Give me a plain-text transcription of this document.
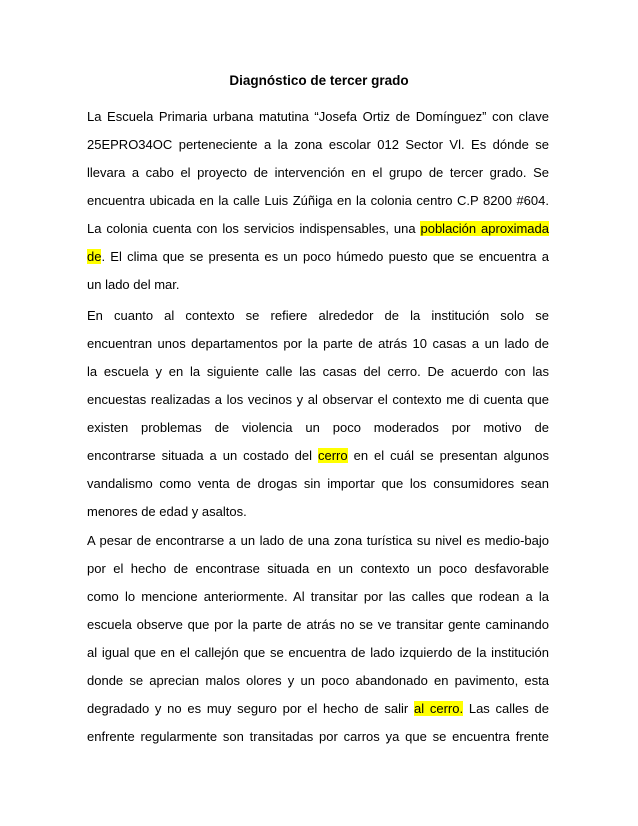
Diagnóstico de tercer grado
La Escuela Primaria urbana matutina “Josefa Ortiz de Domínguez” con clave
25EPRO34OC perteneciente a la zona escolar 012 Sector Vl. Es dónde se
llevara a cabo el proyecto de intervención en el grupo de tercer grado. Se
encuentra ubicada en la calle Luis Zúñiga en la colonia centro C.P 8200 #604.
La colonia cuenta con los servicios indispensables, una población aproximada
de. El clima que se presenta es un poco húmedo puesto que se encuentra a
un lado del mar.
En cuanto al contexto se refiere alrededor de la institución solo se
encuentran unos departamentos por la parte de atrás 10 casas a un lado de
la escuela y en la siguiente calle las casas del cerro. De acuerdo con las
encuestas realizadas a los vecinos y al observar el contexto me di cuenta que
existen problemas de violencia un poco moderados por motivo de
encontrarse situada a un costado del cerro en el cuál se presentan algunos
vandalismo como venta de drogas sin importar que los consumidores sean
menores de edad y asaltos.
A pesar de encontrarse a un lado de una zona turística su nivel es medio-bajo
por el hecho de encontrase situada en un contexto un poco desfavorable
como lo mencione anteriormente. Al transitar por las calles que rodean a la
escuela observe que por la parte de atrás no se ve transitar gente caminando
al igual que en el callejón que se encuentra de lado izquierdo de la institución
donde se aprecian malos olores y un poco abandonado en pavimento, esta
degradado y no es muy seguro por el hecho de salir al cerro. Las calles de
enfrente regularmente son transitadas por carros ya que se encuentra frente
